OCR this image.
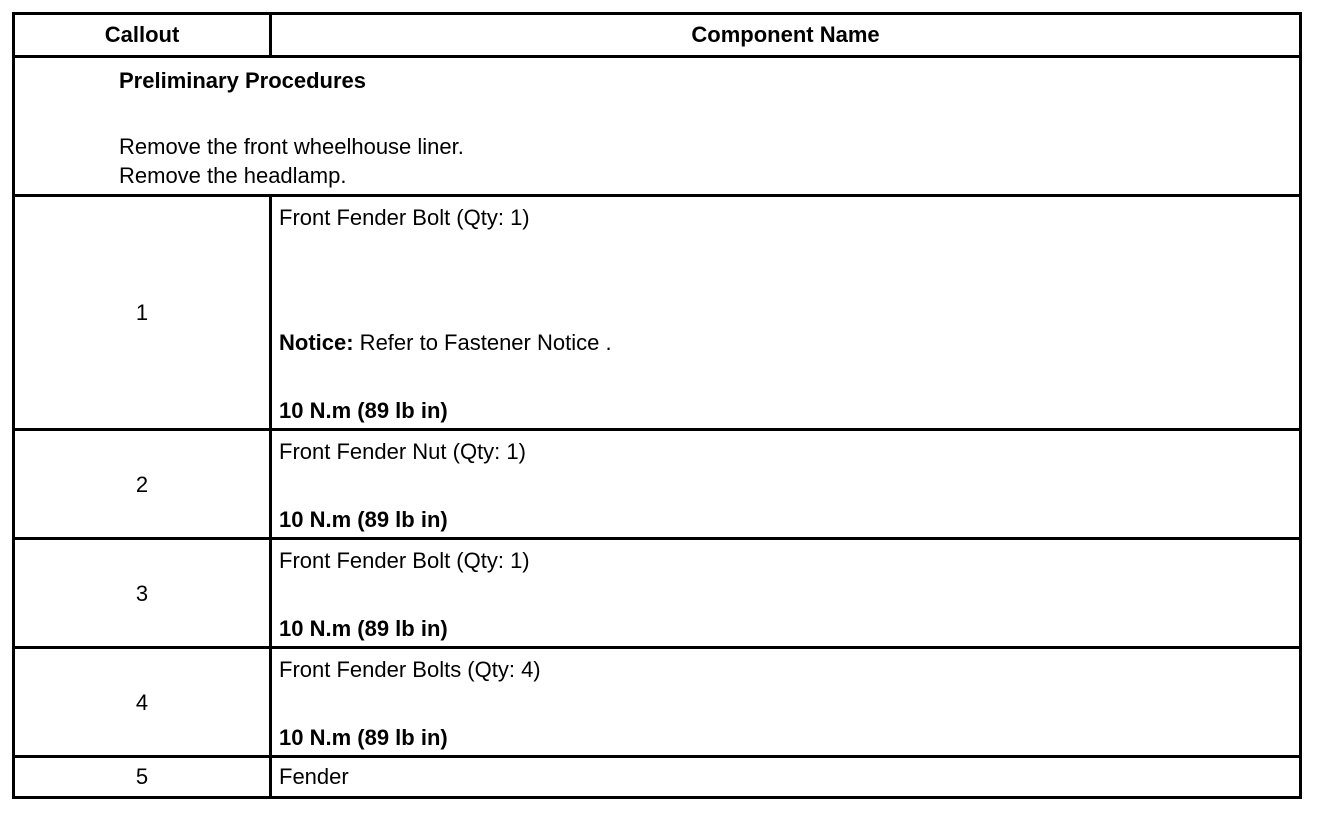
Callout	Component Name
Preliminary Procedures
Remove the front wheelhouse liner.
Remove the headlamp.
1
Front Fender Bolt (Qty: 1)
Notice: Refer to Fastener Notice .
10 N.m (89 lb in)
2
Front Fender Nut (Qty: 1)
10 N.m (89 lb in)
3
Front Fender Bolt (Qty: 1)
10 N.m (89 lb in)
4
Front Fender Bolts (Qty: 4)
10 N.m (89 lb in)
5	Fender
